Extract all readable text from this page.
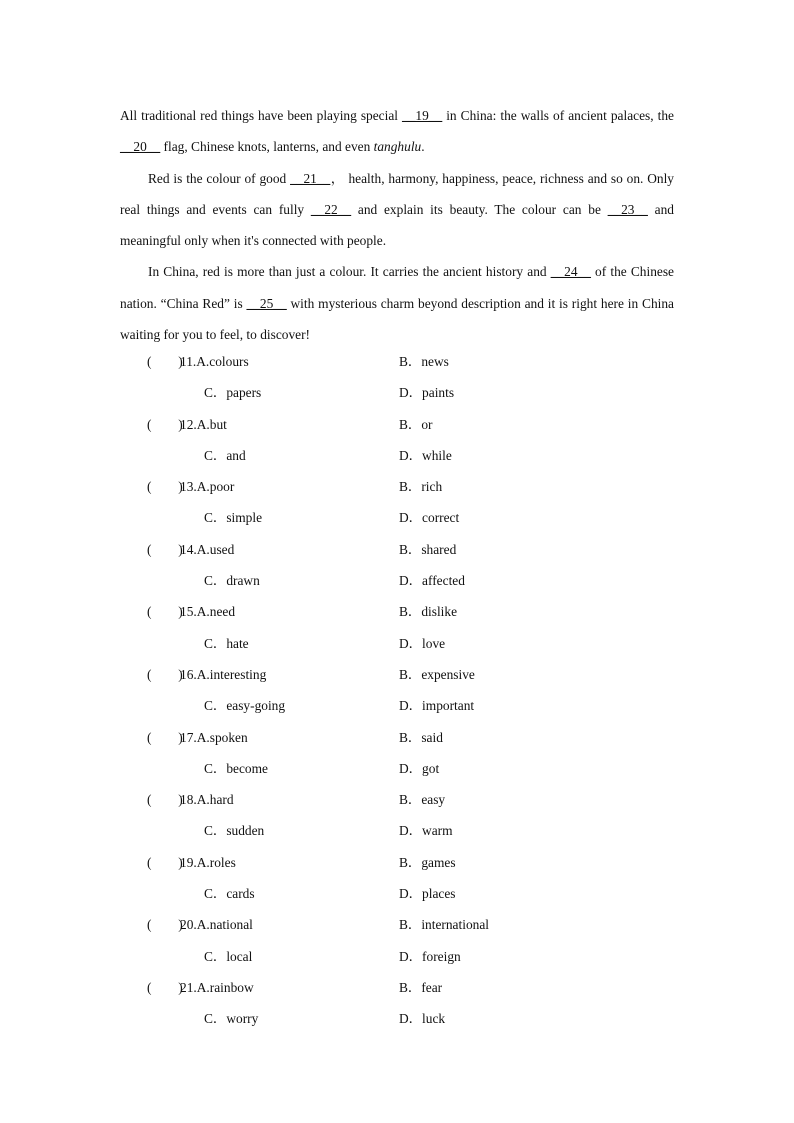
All traditional red things have been playing special __19__ in China: the walls of ancient palaces, the __20__ flag, Chinese knots, lanterns, and even tanghulu.

Red is the colour of good __21__， health, harmony, happiness, peace, richness and so on. Only real things and events can fully __22__ and explain its beauty. The colour can be __23__ and meaningful only when it's connected with people.

In China, red is more than just a colour. It carries the ancient history and __24__ of the Chinese nation. “China Red” is __25__ with mysterious charm beyond description and it is right here in China waiting for you to feel, to discover!

(        )
11.A.colours	B．news
C．papers	D．paints
(        )
12.A.but	B．or
C．and	D．while
(        )
13.A.poor	B．rich
C．simple	D．correct
(        )
14.A.used	B．shared
C．drawn	D．affected
(        )
15.A.need	B．dislike
C．hate	D．love
(        )
16.A.interesting	B．expensive
C．easy-going	D．important
(        )
17.A.spoken	B．said
C．become	D．got
(        )
18.A.hard	B．easy
C．sudden	D．warm
(        )
19.A.roles	B．games
C．cards	D．places
(        )
20.A.national	B．international
C．local	D．foreign
(        )
21.A.rainbow	B．fear
C．worry	D．luck
